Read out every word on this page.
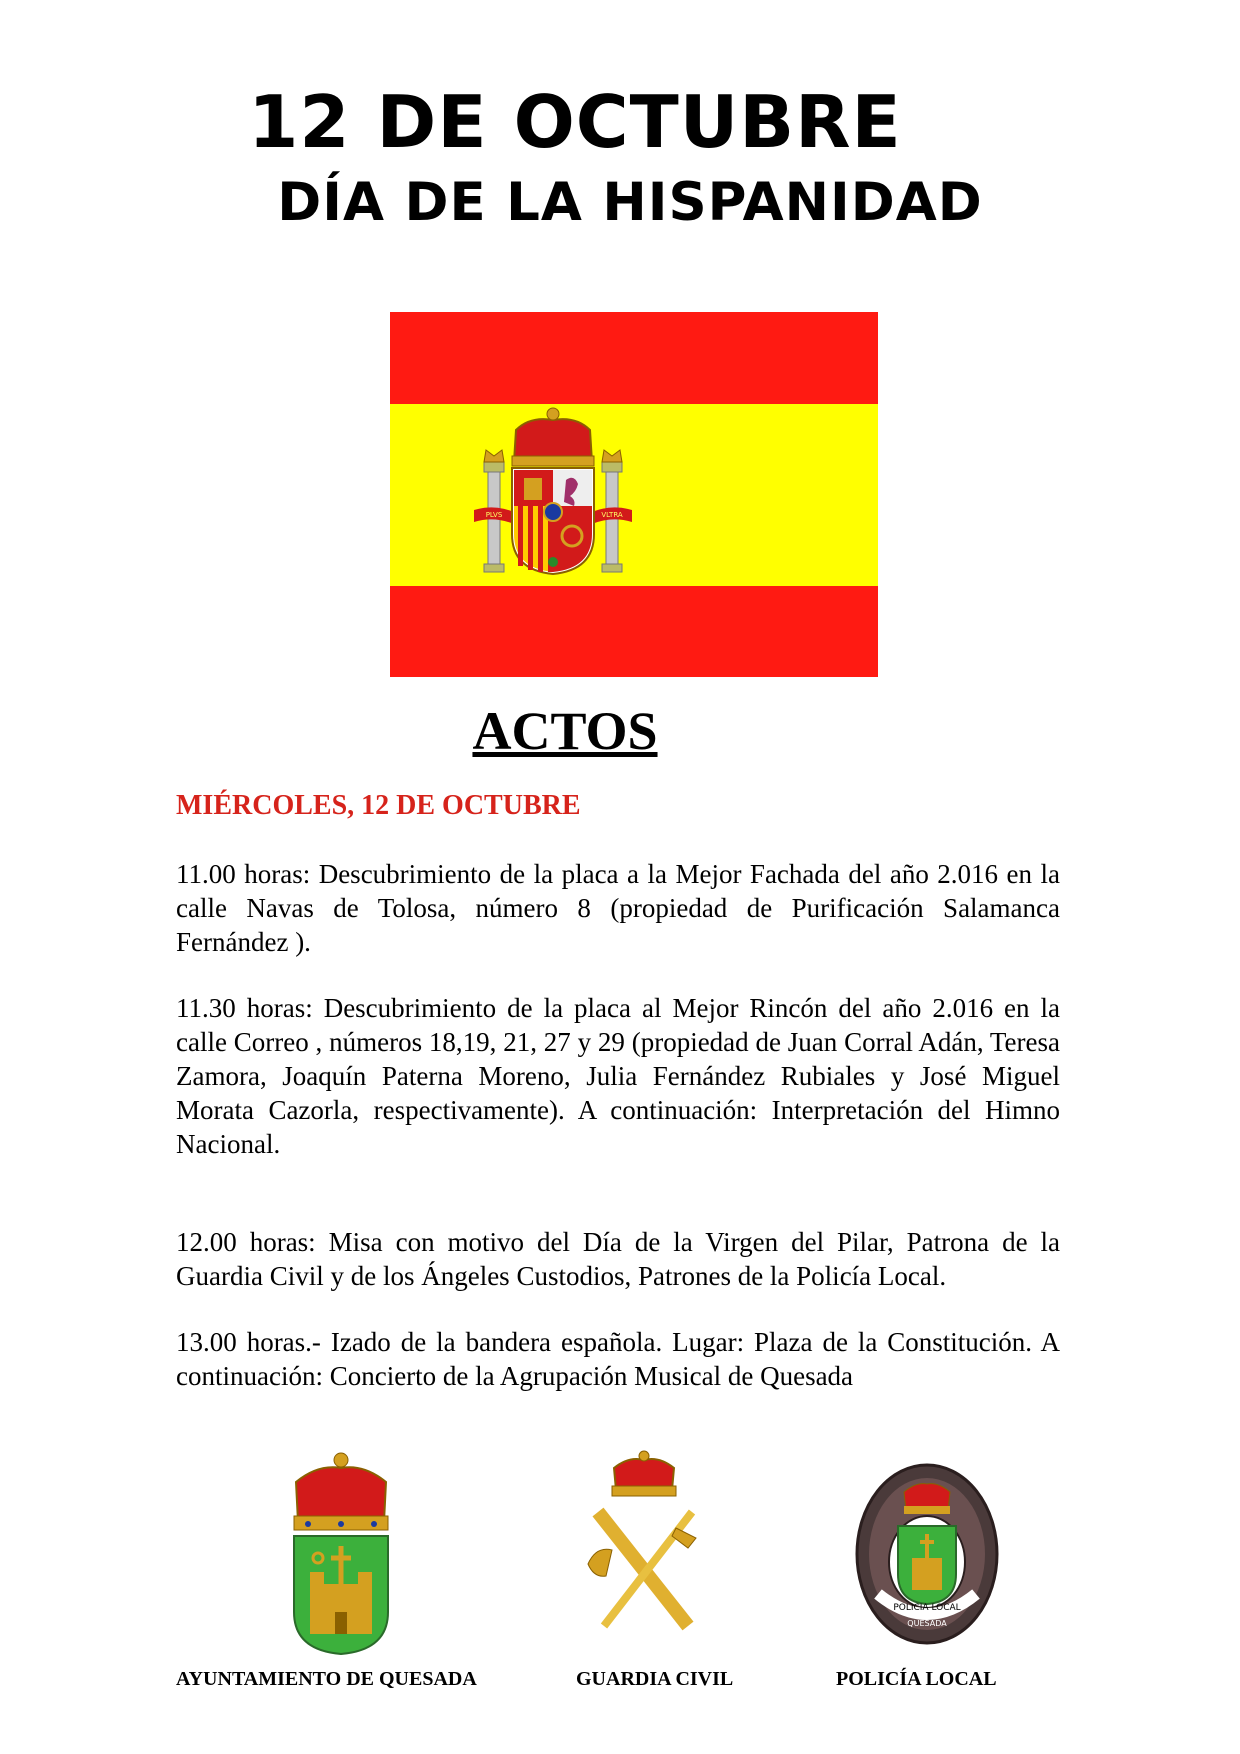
12 DE OCTUBRE
DÍA DE LA HISPANIDAD
PLVS	VLTRA
ACTOS

MIÉRCOLES, 12 DE OCTUBRE

11.00 horas: Descubrimiento de la placa a la Mejor Fachada del año 2.016 en la calle Navas de Tolosa, número 8 (propiedad de Purificación Salamanca Fernández ).

11.30 horas: Descubrimiento de la placa al Mejor Rincón del año 2.016 en la calle Correo , números 18,19, 21, 27 y 29 (propiedad de Juan Corral Adán, Teresa Zamora, Joaquín Paterna Moreno, Julia Fernández Rubiales y José Miguel Morata Cazorla, respectivamente). A continuación: Interpretación del Himno Nacional.

12.00 horas: Misa con motivo del Día de la Virgen del Pilar, Patrona de la Guardia Civil y de los Ángeles Custodios, Patrones de la Policía Local.

13.00 horas.- Izado de la bandera española. Lugar: Plaza de la Constitución. A continuación: Concierto de la Agrupación Musical de Quesada

AYUNTAMIENTO DE QUESADA	GUARDIA CIVIL

POLICIA LOCAL
QUESADA

POLICÍA LOCAL
